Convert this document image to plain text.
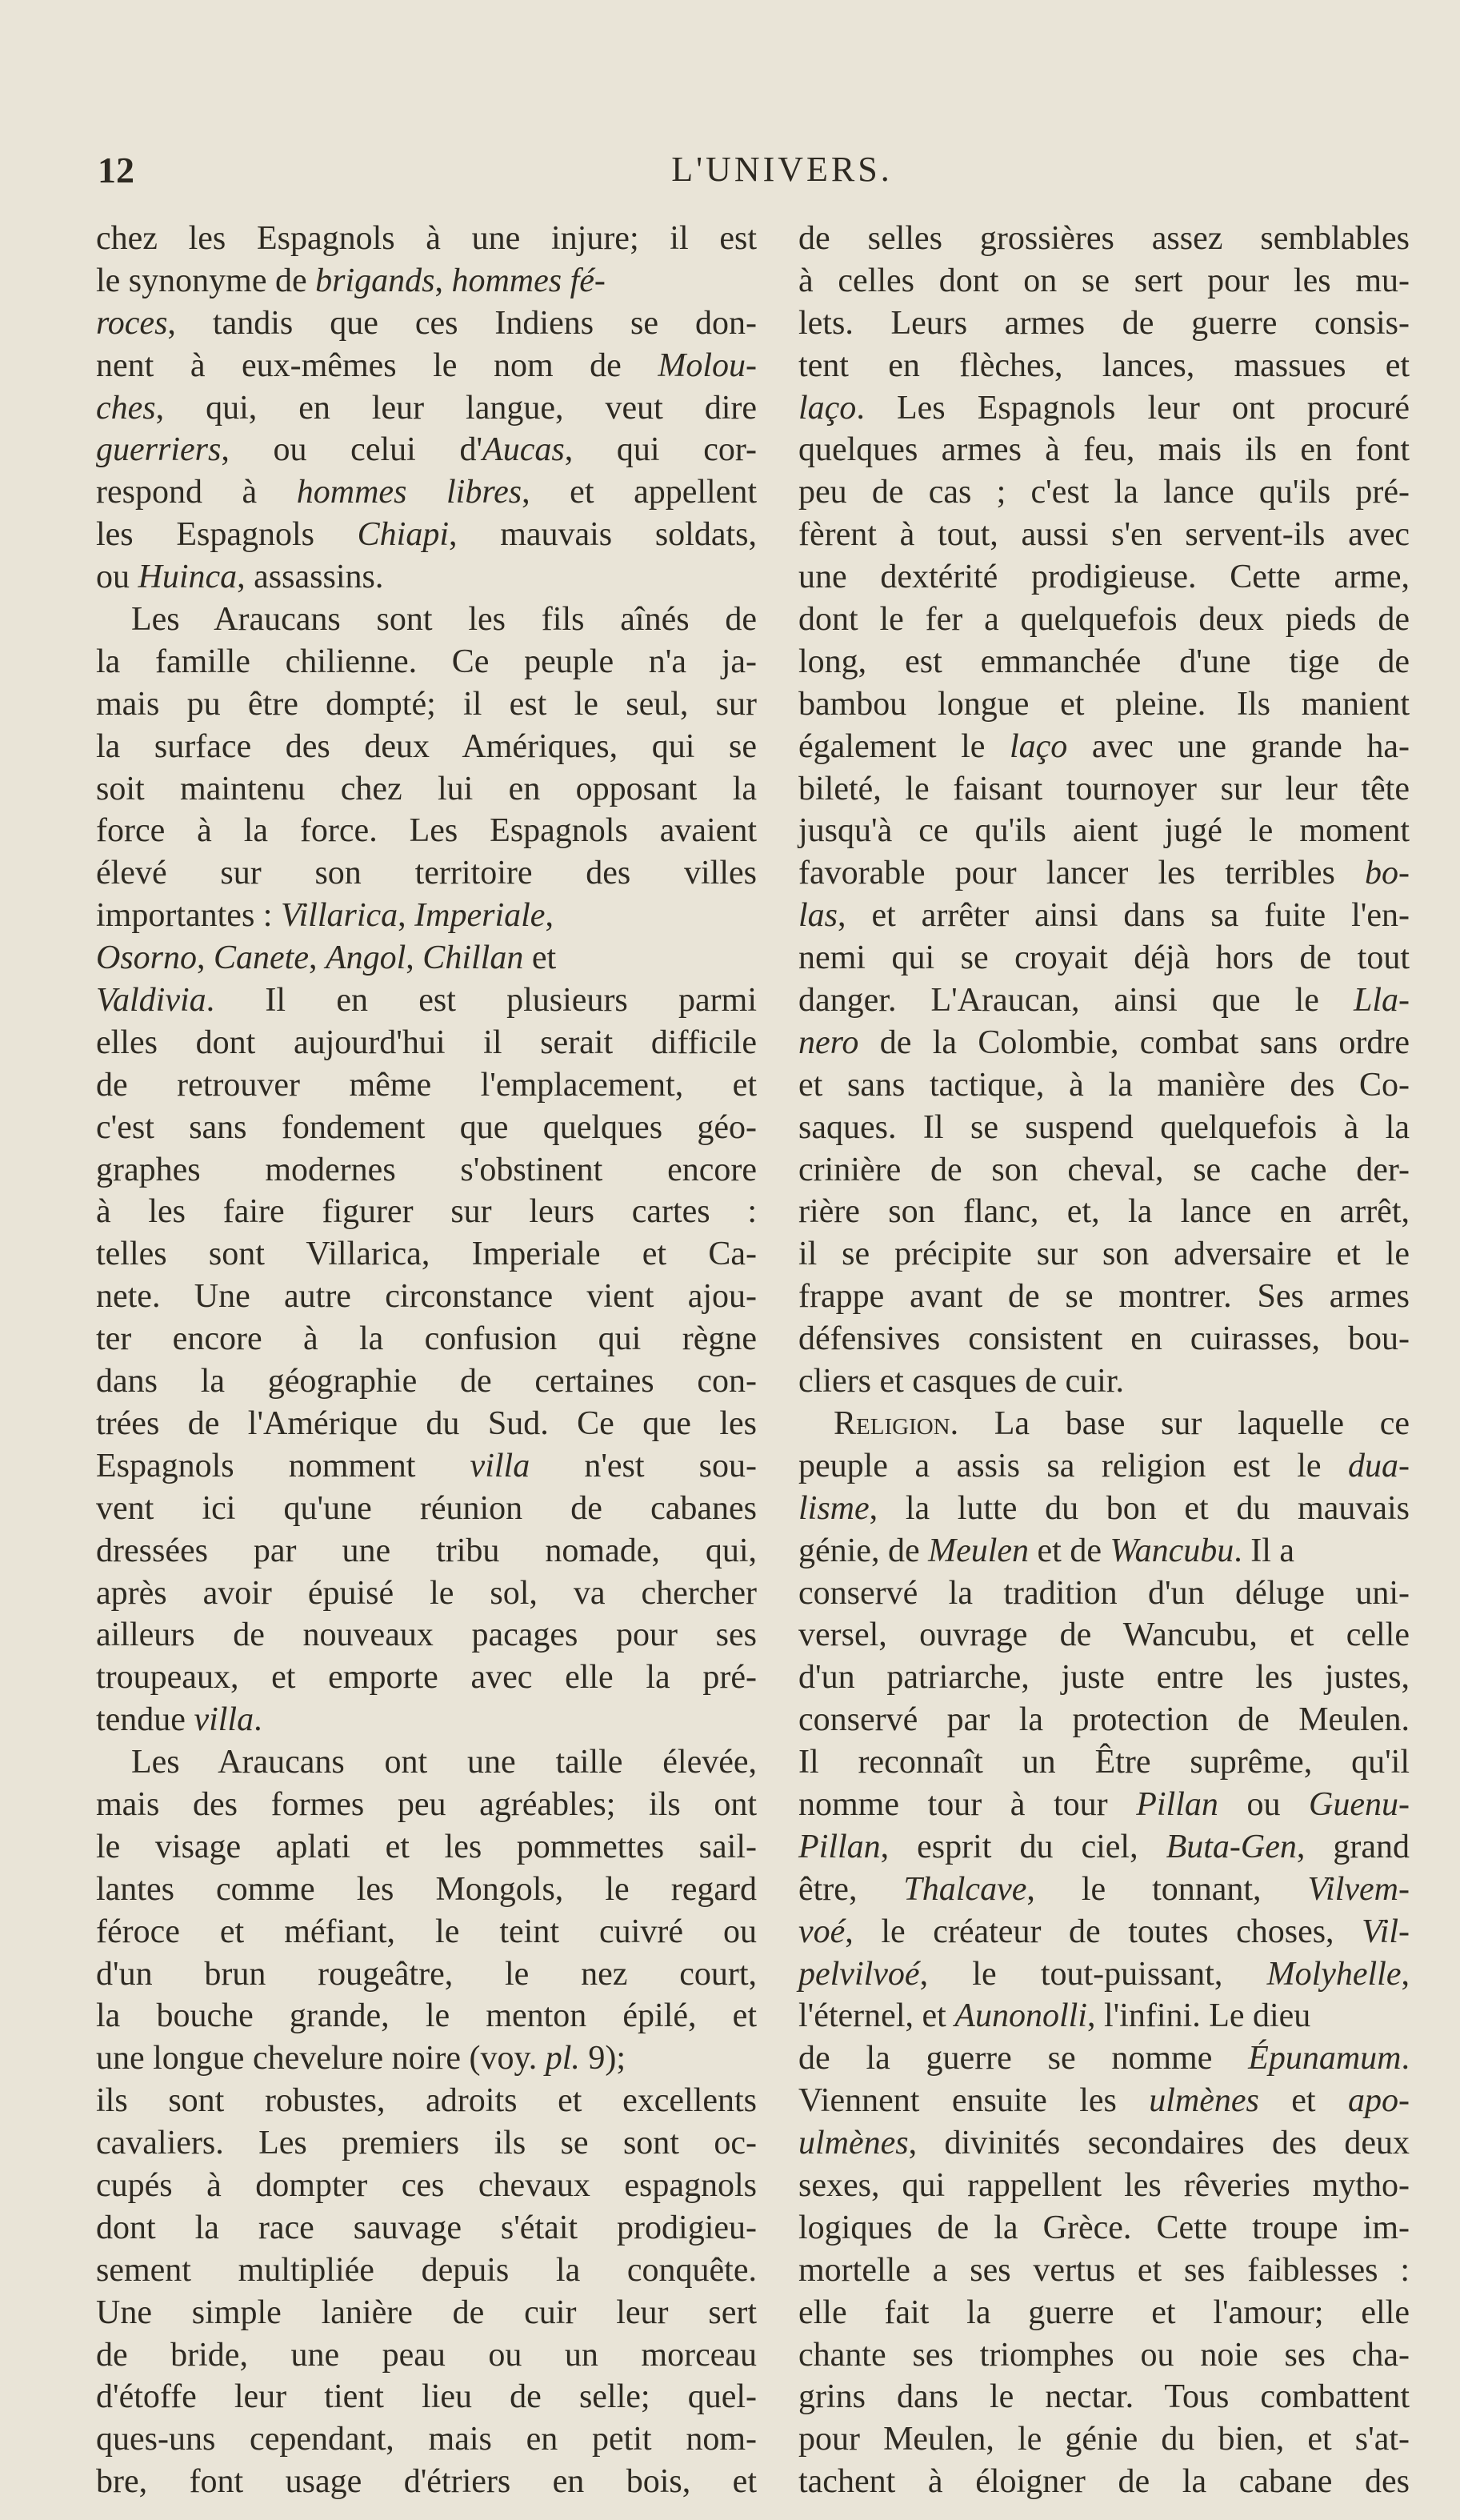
12	L'UNIVERS.
chez les Espagnols à une injure; il est
le synonyme de brigands, hommes fé-
roces, tandis que ces Indiens se don-
nent à eux-mêmes le nom de Molou-
ches, qui, en leur langue, veut dire
guerriers, ou celui d'Aucas, qui cor-
respond à hommes libres, et appellent
les Espagnols Chiapi, mauvais soldats,
ou Huinca, assassins.
Les Araucans sont les fils aînés de
la famille chilienne. Ce peuple n'a ja-
mais pu être dompté; il est le seul, sur
la surface des deux Amériques, qui se
soit maintenu chez lui en opposant la
force à la force. Les Espagnols avaient
élevé sur son territoire des villes
importantes : Villarica, Imperiale,
Osorno, Canete, Angol, Chillan et
Valdivia. Il en est plusieurs parmi
elles dont aujourd'hui il serait difficile
de retrouver même l'emplacement, et
c'est sans fondement que quelques géo-
graphes modernes s'obstinent encore
à les faire figurer sur leurs cartes :
telles sont Villarica, Imperiale et Ca-
nete. Une autre circonstance vient ajou-
ter encore à la confusion qui règne
dans la géographie de certaines con-
trées de l'Amérique du Sud. Ce que les
Espagnols nomment villa n'est sou-
vent ici qu'une réunion de cabanes
dressées par une tribu nomade, qui,
après avoir épuisé le sol, va chercher
ailleurs de nouveaux pacages pour ses
troupeaux, et emporte avec elle la pré-
tendue villa.
Les Araucans ont une taille élevée,
mais des formes peu agréables; ils ont
le visage aplati et les pommettes sail-
lantes comme les Mongols, le regard
féroce et méfiant, le teint cuivré ou
d'un brun rougeâtre, le nez court,
la bouche grande, le menton épilé, et
une longue chevelure noire (voy. pl. 9);
ils sont robustes, adroits et excellents
cavaliers. Les premiers ils se sont oc-
cupés à dompter ces chevaux espagnols
dont la race sauvage s'était prodigieu-
sement multipliée depuis la conquête.
Une simple lanière de cuir leur sert
de bride, une peau ou un morceau
d'étoffe leur tient lieu de selle; quel-
ques-uns cependant, mais en petit nom-
bre, font usage d'étriers en bois, et
de selles grossières assez semblables
à celles dont on se sert pour les mu-
lets. Leurs armes de guerre consis-
tent en flèches, lances, massues et
laço. Les Espagnols leur ont procuré
quelques armes à feu, mais ils en font
peu de cas ; c'est la lance qu'ils pré-
fèrent à tout, aussi s'en servent-ils avec
une dextérité prodigieuse. Cette arme,
dont le fer a quelquefois deux pieds de
long, est emmanchée d'une tige de
bambou longue et pleine. Ils manient
également le laço avec une grande ha-
bileté, le faisant tournoyer sur leur tête
jusqu'à ce qu'ils aient jugé le moment
favorable pour lancer les terribles bo-
las, et arrêter ainsi dans sa fuite l'en-
nemi qui se croyait déjà hors de tout
danger. L'Araucan, ainsi que le Lla-
nero de la Colombie, combat sans ordre
et sans tactique, à la manière des Co-
saques. Il se suspend quelquefois à la
crinière de son cheval, se cache der-
rière son flanc, et, la lance en arrêt,
il se précipite sur son adversaire et le
frappe avant de se montrer. Ses armes
défensives consistent en cuirasses, bou-
cliers et casques de cuir.
Religion. La base sur laquelle ce
peuple a assis sa religion est le dua-
lisme, la lutte du bon et du mauvais
génie, de Meulen et de Wancubu. Il a
conservé la tradition d'un déluge uni-
versel, ouvrage de Wancubu, et celle
d'un patriarche, juste entre les justes,
conservé par la protection de Meulen.
Il reconnaît un Être suprême, qu'il
nomme tour à tour Pillan ou Guenu-
Pillan, esprit du ciel, Buta-Gen, grand
être, Thalcave, le tonnant, Vilvem-
voé, le créateur de toutes choses, Vil-
pelvilvoé, le tout-puissant, Molyhelle,
l'éternel, et Aunonolli, l'infini. Le dieu
de la guerre se nomme Épunamum.
Viennent ensuite les ulmènes et apo-
ulmènes, divinités secondaires des deux
sexes, qui rappellent les rêveries mytho-
logiques de la Grèce. Cette troupe im-
mortelle a ses vertus et ses faiblesses :
elle fait la guerre et l'amour; elle
chante ses triomphes ou noie ses cha-
grins dans le nectar. Tous combattent
pour Meulen, le génie du bien, et s'at-
tachent à éloigner de la cabane des
